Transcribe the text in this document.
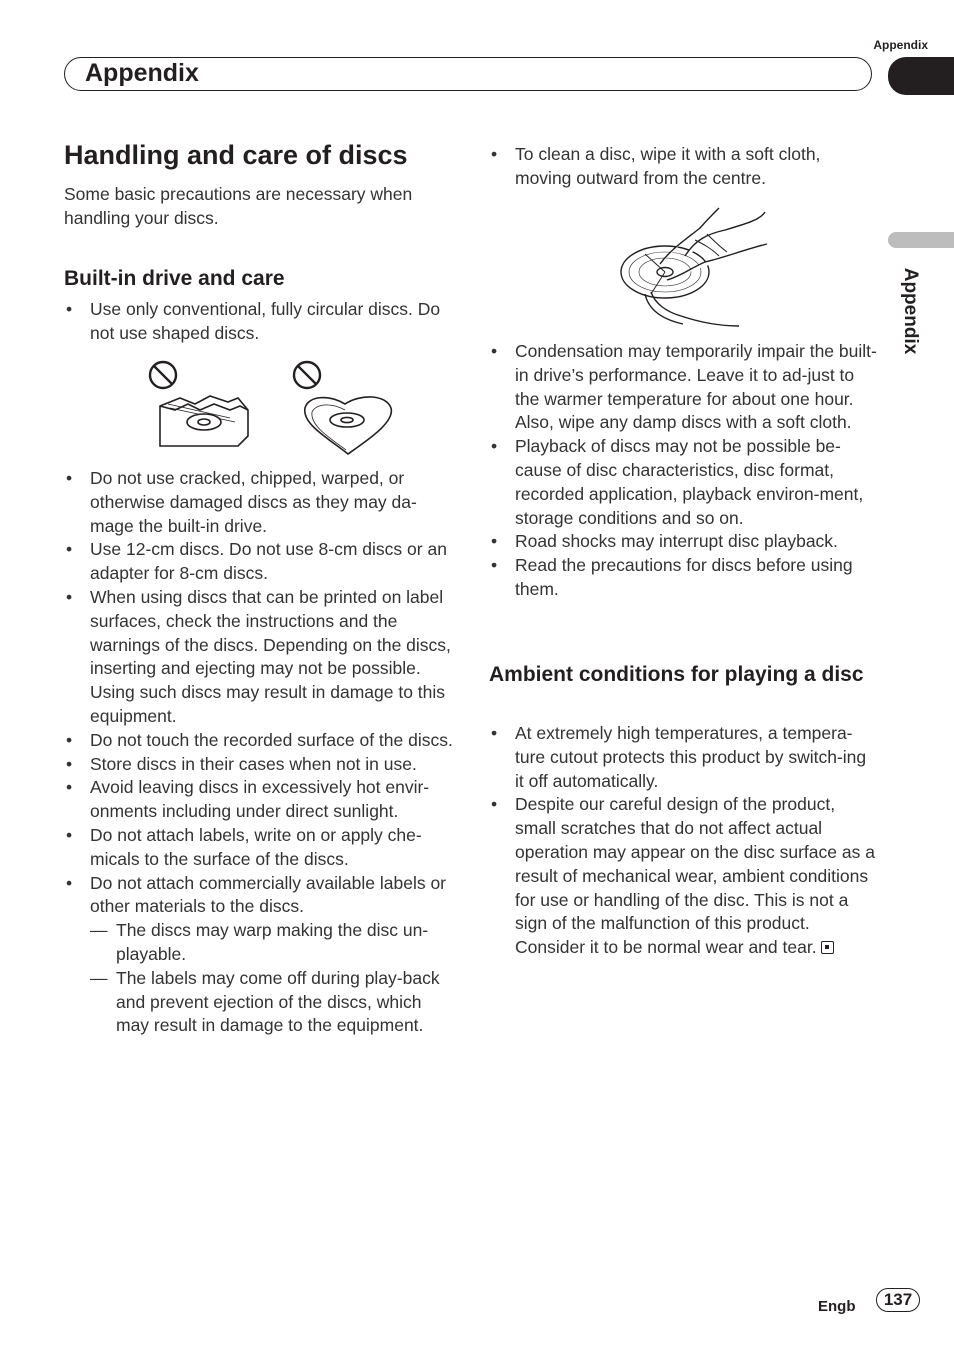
Appendix
Appendix
Appendix
Handling and care of discs
Some basic precautions are necessary when handling your discs.
Built-in drive and care
• Use only conventional, fully circular discs. Do not use shaped discs.
• Do not use cracked, chipped, warped, or otherwise damaged discs as they may da-mage the built-in drive.
• Use 12-cm discs. Do not use 8-cm discs or an adapter for 8-cm discs.
• When using discs that can be printed on label surfaces, check the instructions and the warnings of the discs. Depending on the discs, inserting and ejecting may not be possible. Using such discs may result in damage to this equipment.
• Do not touch the recorded surface of the discs.
• Store discs in their cases when not in use.
• Avoid leaving discs in excessively hot envir-onments including under direct sunlight.
• Do not attach labels, write on or apply che-micals to the surface of the discs.
• Do not attach commercially available labels or other materials to the discs.
— The discs may warp making the disc un-playable.
— The labels may come off during play-back and prevent ejection of the discs, which may result in damage to the equipment.
• To clean a disc, wipe it with a soft cloth, moving outward from the centre.
• Condensation may temporarily impair the built-in drive’s performance. Leave it to ad-just to the warmer temperature for about one hour. Also, wipe any damp discs with a soft cloth.
• Playback of discs may not be possible be-cause of disc characteristics, disc format, recorded application, playback environ-ment, storage conditions and so on.
• Road shocks may interrupt disc playback.
• Read the precautions for discs before using them.
Ambient conditions for playing a disc
• At extremely high temperatures, a tempera-ture cutout protects this product by switch-ing it off automatically.
• Despite our careful design of the product, small scratches that do not affect actual operation may appear on the disc surface as a result of mechanical wear, ambient conditions for use or handling of the disc. This is not a sign of the malfunction of this product. Consider it to be normal wear and tear.
Engb	137
